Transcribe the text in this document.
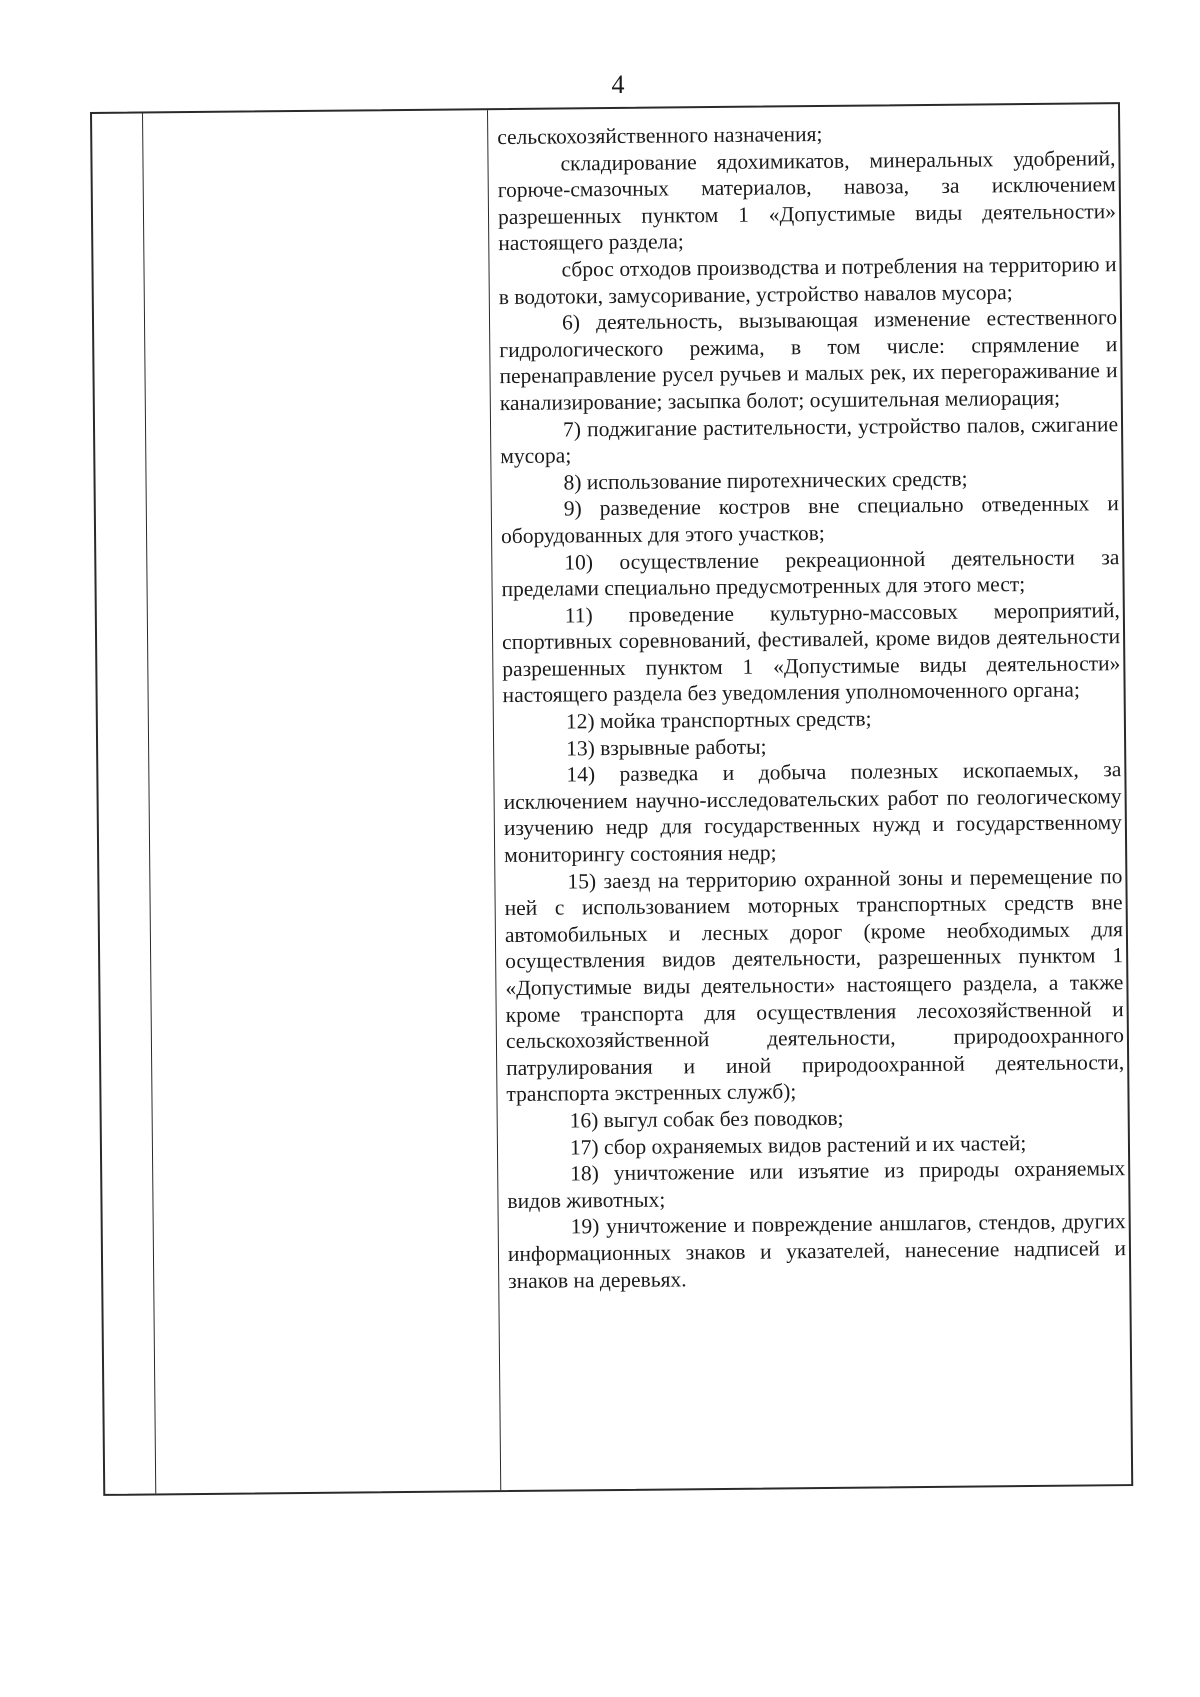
4

сельскохозяйственного назначения;

складирование ядохимикатов, минеральных удобрений, горюче-смазочных материалов, навоза, за исключением разрешенных пунктом 1 «Допустимые виды деятельности» настоящего раздела;

сброс отходов производства и потребления на территорию и в водотоки, замусоривание, устройство навалов мусора;

6) деятельность, вызывающая изменение естественного гидрологического режима, в том числе: спрямление и перенаправление русел ручьев и малых рек, их перегораживание и канализирование; засыпка болот; осушительная мелиорация;

7) поджигание растительности, устройство палов, сжигание мусора;

8) использование пиротехнических средств;

9) разведение костров вне специально отведенных и оборудованных для этого участков;

10) осуществление рекреационной деятельности за пределами специально предусмотренных для этого мест;

11) проведение культурно-массовых мероприятий, спортивных соревнований, фестивалей, кроме видов деятельности разрешенных пунктом 1 «Допустимые виды деятельности» настоящего раздела без уведомления уполномоченного органа;

12) мойка транспортных средств;

13) взрывные работы;

14) разведка и добыча полезных ископаемых, за исключением научно-исследовательских работ по геологическому изучению недр для государственных нужд и государственному мониторингу состояния недр;

15) заезд на территорию охранной зоны и перемещение по ней с использованием моторных транспортных средств вне автомобильных и лесных дорог (кроме необходимых для осуществления видов деятельности, разрешенных пунктом 1 «Допустимые виды деятельности» настоящего раздела, а также кроме транспорта для осуществления лесохозяйственной и сельскохозяйственной деятельности, природоохранного патрулирования и иной природоохранной деятельности, транспорта экстренных служб);

16) выгул собак без поводков;

17) сбор охраняемых видов растений и их частей;

18) уничтожение или изъятие из природы охраняемых видов животных;

19) уничтожение и повреждение аншлагов, стендов, других информационных знаков и указателей, нанесение надписей и знаков на деревьях.
